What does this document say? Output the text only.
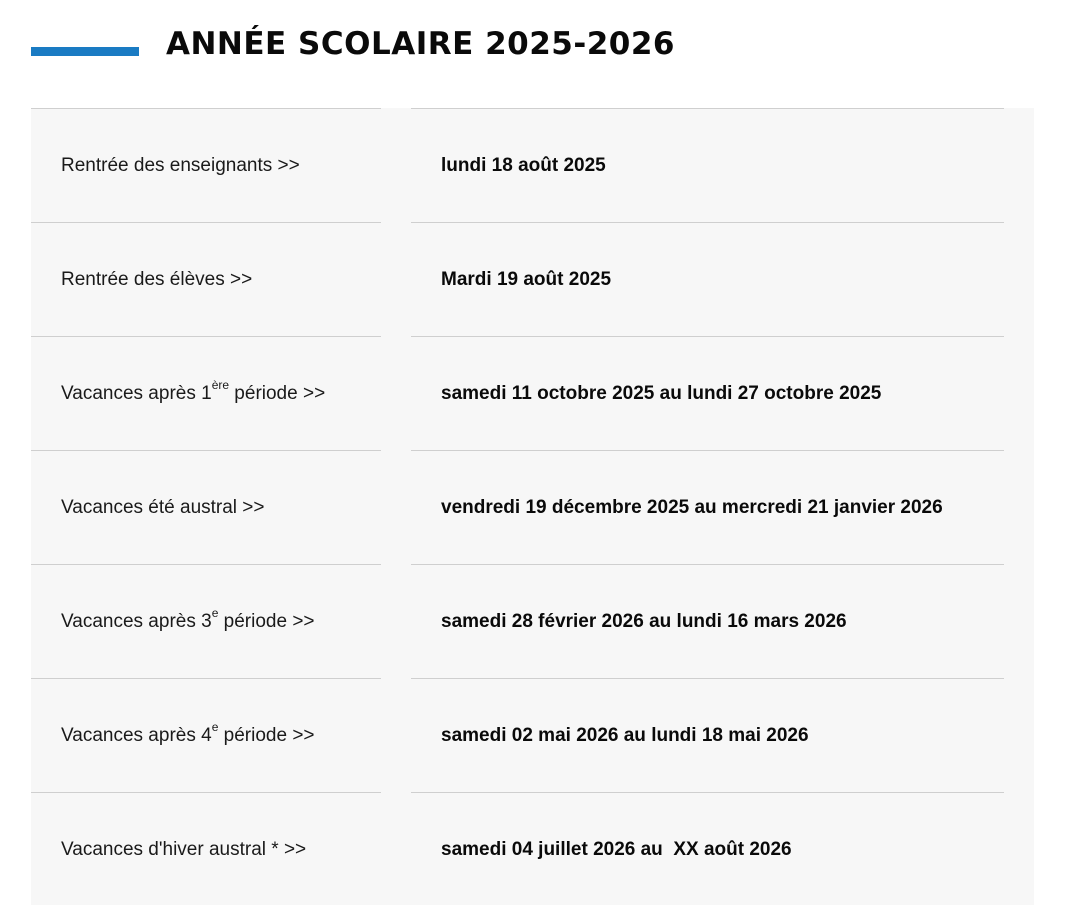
ANNÉE SCOLAIRE 2025-2026
Rentrée des enseignants >>	lundi 18 août 2025
Rentrée des élèves >>	Mardi 19 août 2025
Vacances après 1ère période >>	samedi 11 octobre 2025 au lundi 27 octobre 2025
Vacances été austral >>	vendredi 19 décembre 2025 au mercredi 21 janvier 2026
Vacances après 3e période >>	samedi 28 février 2026 au lundi 16 mars 2026
Vacances après 4e période >>	samedi 02 mai 2026 au lundi 18 mai 2026
Vacances d'hiver austral * >>	samedi 04 juillet 2026 au  XX août 2026
